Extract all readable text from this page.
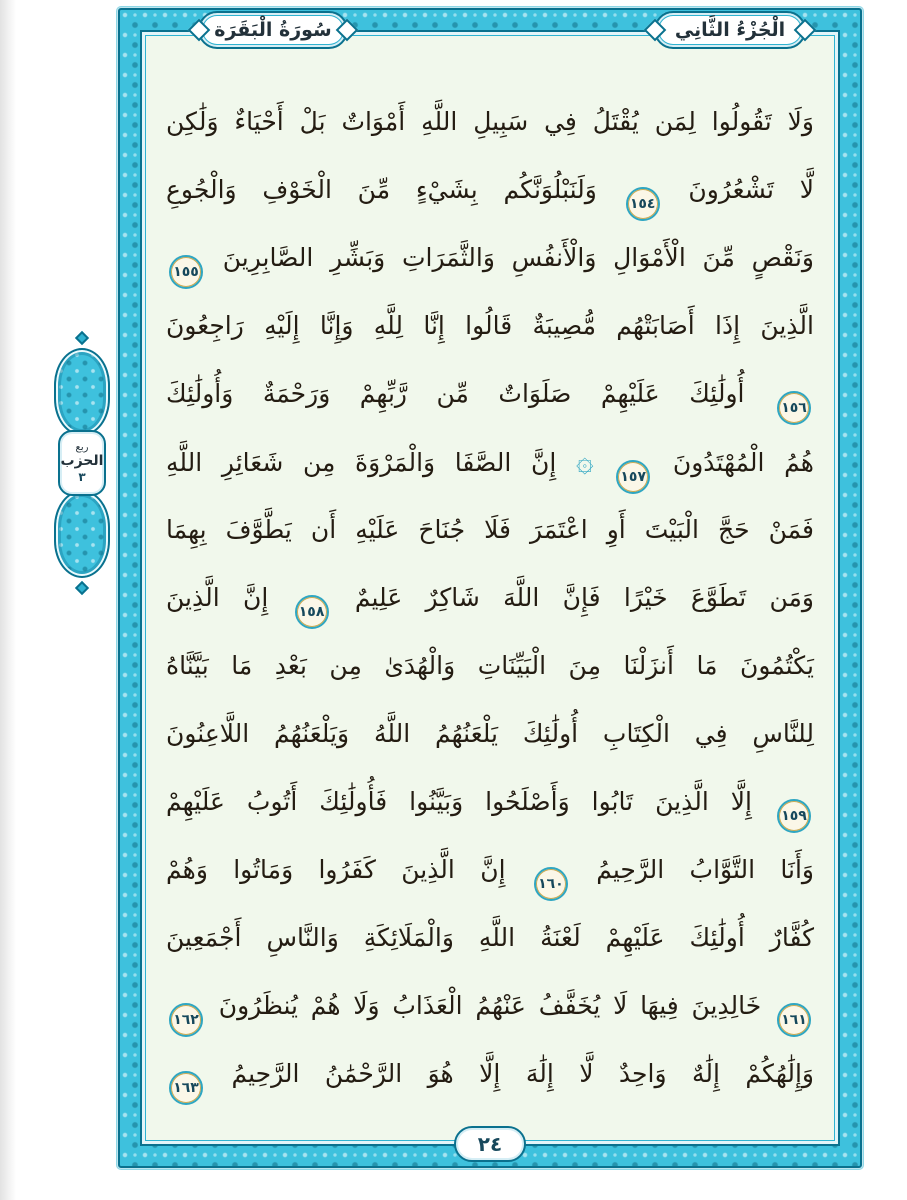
ربع
الحزب
٣
وَلَا تَقُولُوا لِمَن يُقْتَلُ فِي سَبِيلِ اللَّهِ أَمْوَاتٌ بَلْ أَحْيَاءٌ وَلَٰكِن
لَّا تَشْعُرُونَ ١٥٤ وَلَنَبْلُوَنَّكُم بِشَيْءٍ مِّنَ الْخَوْفِ وَالْجُوعِ
وَنَقْصٍ مِّنَ الْأَمْوَالِ وَالْأَنفُسِ وَالثَّمَرَاتِ وَبَشِّرِ الصَّابِرِينَ ١٥٥
الَّذِينَ إِذَا أَصَابَتْهُم مُّصِيبَةٌ قَالُوا إِنَّا لِلَّهِ وَإِنَّا إِلَيْهِ رَاجِعُونَ
١٥٦ أُولَٰئِكَ عَلَيْهِمْ صَلَوَاتٌ مِّن رَّبِّهِمْ وَرَحْمَةٌ وَأُولَٰئِكَ
هُمُ الْمُهْتَدُونَ ١٥٧ ۞ إِنَّ الصَّفَا وَالْمَرْوَةَ مِن شَعَائِرِ اللَّهِ
فَمَنْ حَجَّ الْبَيْتَ أَوِ اعْتَمَرَ فَلَا جُنَاحَ عَلَيْهِ أَن يَطَّوَّفَ بِهِمَا
وَمَن تَطَوَّعَ خَيْرًا فَإِنَّ اللَّهَ شَاكِرٌ عَلِيمٌ ١٥٨ إِنَّ الَّذِينَ
يَكْتُمُونَ مَا أَنزَلْنَا مِنَ الْبَيِّنَاتِ وَالْهُدَىٰ مِن بَعْدِ مَا بَيَّنَّاهُ
لِلنَّاسِ فِي الْكِتَابِ أُولَٰئِكَ يَلْعَنُهُمُ اللَّهُ وَيَلْعَنُهُمُ اللَّاعِنُونَ
١٥٩ إِلَّا الَّذِينَ تَابُوا وَأَصْلَحُوا وَبَيَّنُوا فَأُولَٰئِكَ أَتُوبُ عَلَيْهِمْ
وَأَنَا التَّوَّابُ الرَّحِيمُ ١٦٠ إِنَّ الَّذِينَ كَفَرُوا وَمَاتُوا وَهُمْ
كُفَّارٌ أُولَٰئِكَ عَلَيْهِمْ لَعْنَةُ اللَّهِ وَالْمَلَائِكَةِ وَالنَّاسِ أَجْمَعِينَ
١٦١ خَالِدِينَ فِيهَا لَا يُخَفَّفُ عَنْهُمُ الْعَذَابُ وَلَا هُمْ يُنظَرُونَ ١٦٢
وَإِلَٰهُكُمْ إِلَٰهٌ وَاحِدٌ لَّا إِلَٰهَ إِلَّا هُوَ الرَّحْمَٰنُ الرَّحِيمُ ١٦٣
٢٤
سُورَةُ الْبَقَرَة	الْجُزْءُ الثَّانِي
